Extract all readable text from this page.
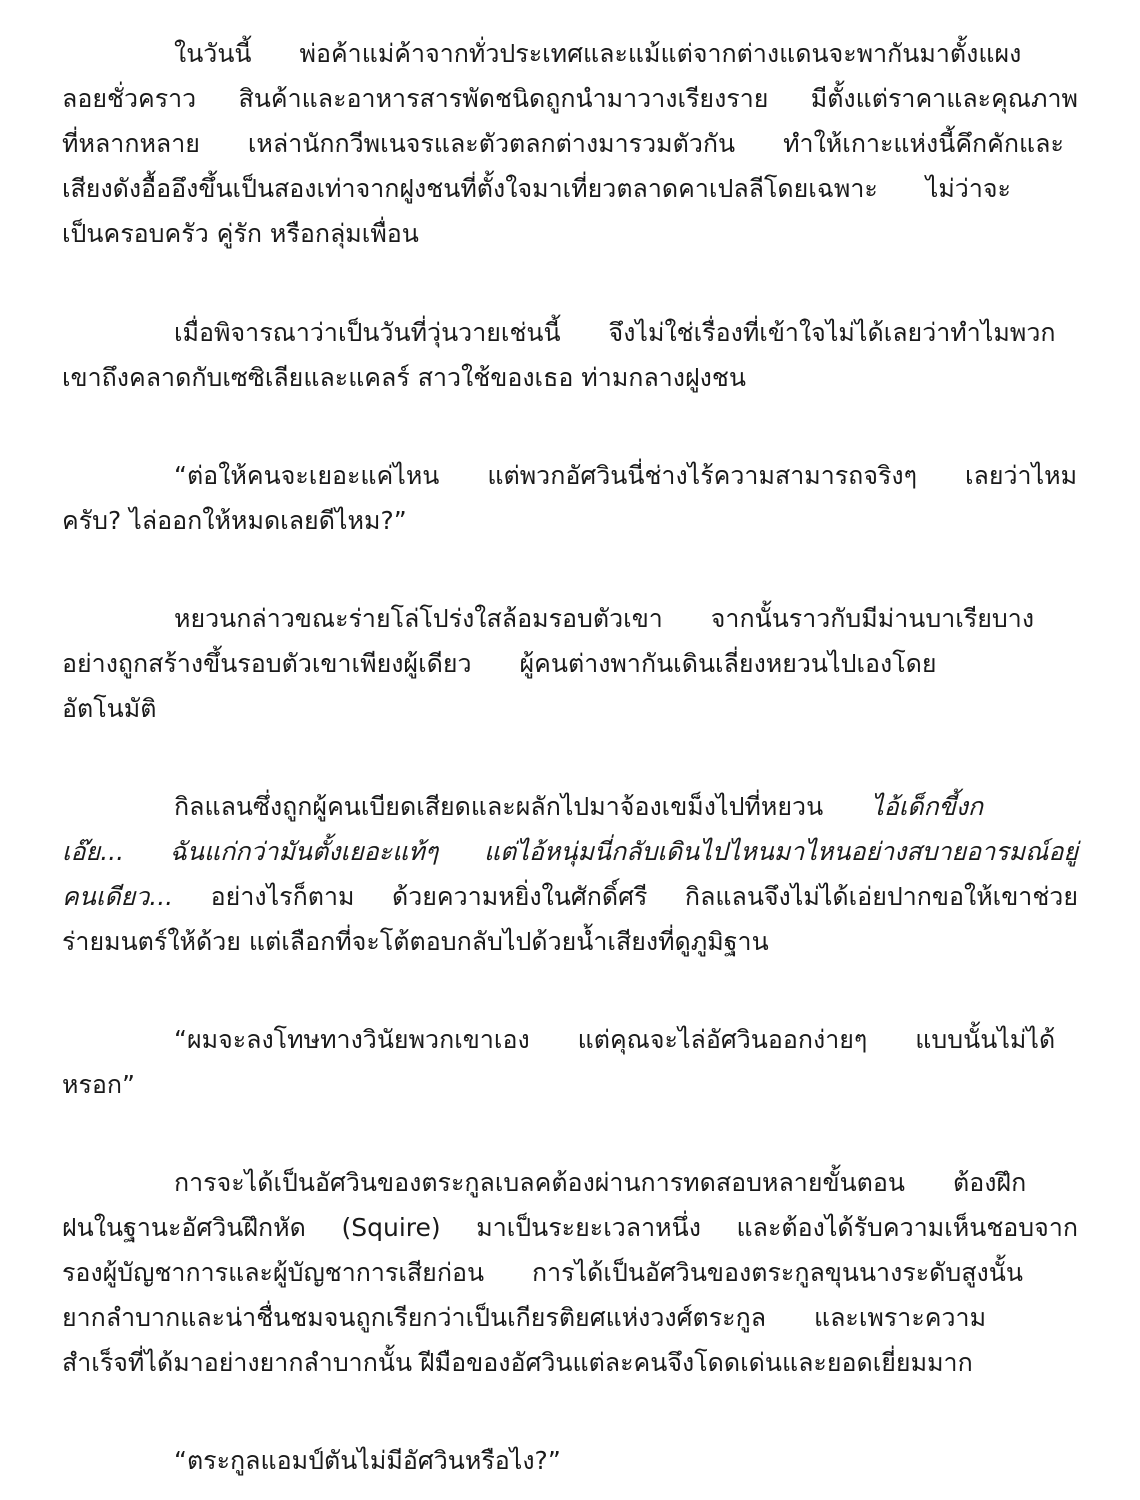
ในวันนี้ พ่อค้าแม่ค้าจากทั่วประเทศและแม้แต่จากต่างแดนจะพากันมาตั้งแผง
ลอยชั่วคราว สินค้าและอาหารสารพัดชนิดถูกนำมาวางเรียงราย มีตั้งแต่ราคาและคุณภาพ
ที่หลากหลาย เหล่านักกวีพเนจรและตัวตลกต่างมารวมตัวกัน ทำให้เกาะแห่งนี้คึกคักและ
เสียงดังอื้ออึงขึ้นเป็นสองเท่าจากฝูงชนที่ตั้งใจมาเที่ยวตลาดคาเปลลีโดยเฉพาะ ไม่ว่าจะ
เป็นครอบครัว คู่รัก หรือกลุ่มเพื่อน
เมื่อพิจารณาว่าเป็นวันที่วุ่นวายเช่นนี้ จึงไม่ใช่เรื่องที่เข้าใจไม่ได้เลยว่าทำไมพวก
เขาถึงคลาดกับเซซิเลียและแคลร์ สาวใช้ของเธอ ท่ามกลางฝูงชน
“ต่อให้คนจะเยอะแค่ไหน แต่พวกอัศวินนี่ช่างไร้ความสามารถจริงๆ เลยว่าไหม
ครับ? ไล่ออกให้หมดเลยดีไหม?”
หยวนกล่าวขณะร่ายโล่โปร่งใสล้อมรอบตัวเขา จากนั้นราวกับมีม่านบาเรียบาง
อย่างถูกสร้างขึ้นรอบตัวเขาเพียงผู้เดียว ผู้คนต่างพากันเดินเลี่ยงหยวนไปเองโดย
อัตโนมัติ
กิลแลนซึ่งถูกผู้คนเบียดเสียดและผลักไปมาจ้องเขม็งไปที่หยวน ไอ้เด็กขี้งก
เอ๊ย... ฉันแก่กว่ามันตั้งเยอะแท้ๆ แต่ไอ้หนุ่มนี่กลับเดินไปไหนมาไหนอย่างสบายอารมณ์อยู่
คนเดียว... อย่างไรก็ตาม ด้วยความหยิ่งในศักดิ์ศรี กิลแลนจึงไม่ได้เอ่ยปากขอให้เขาช่วย
ร่ายมนตร์ให้ด้วย แต่เลือกที่จะโต้ตอบกลับไปด้วยน้ำเสียงที่ดูภูมิฐาน
“ผมจะลงโทษทางวินัยพวกเขาเอง แต่คุณจะไล่อัศวินออกง่ายๆ แบบนั้นไม่ได้
หรอก”
การจะได้เป็นอัศวินของตระกูลเบลคต้องผ่านการทดสอบหลายขั้นตอน ต้องฝึก
ฝนในฐานะอัศวินฝึกหัด (Squire) มาเป็นระยะเวลาหนึ่ง และต้องได้รับความเห็นชอบจาก
รองผู้บัญชาการและผู้บัญชาการเสียก่อน การได้เป็นอัศวินของตระกูลขุนนางระดับสูงนั้น
ยากลำบากและน่าชื่นชมจนถูกเรียกว่าเป็นเกียรติยศแห่งวงศ์ตระกูล และเพราะความ
สำเร็จที่ได้มาอย่างยากลำบากนั้น ฝีมือของอัศวินแต่ละคนจึงโดดเด่นและยอดเยี่ยมมาก
“ตระกูลแอมป์ตันไม่มีอัศวินหรือไง?”
